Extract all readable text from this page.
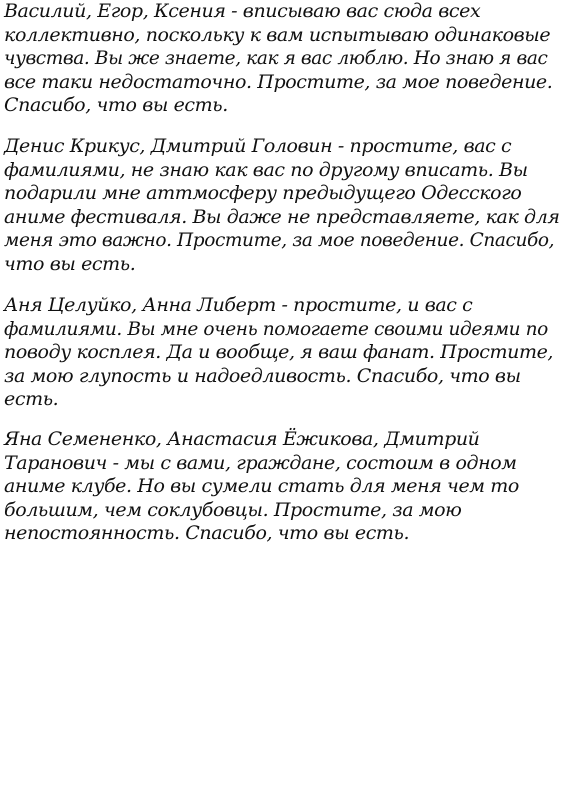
Василий, Егор, Ксения - вписываю вас сюда всех
коллективно, поскольку к вам испытываю одинаковые
чувства. Вы же знаете, как я вас люблю. Но знаю я вас
все таки недостаточно. Простите, за мое поведение.
Спасибо, что вы есть.
Денис Крикус, Дмитрий Головин - простите, вас с
фамилиями, не знаю как вас по другому вписать. Вы
подарили мне аттмосферу предыдущего Одесского
аниме фестиваля. Вы даже не представляете, как для
меня это важно. Простите, за мое поведение. Спасибо,
что вы есть.
Аня Целуйко, Анна Либерт - простите, и вас с
фамилиями. Вы мне очень помогаете своими идеями по
поводу косплея. Да и вообще, я ваш фанат. Простите,
за мою глупость и надоедливость. Спасибо, что вы
есть.
Яна Семененко, Анастасия Ёжикова, Дмитрий
Таранович - мы с вами, граждане, состоим в одном
аниме клубе. Но вы сумели стать для меня чем то
большим, чем соклубовцы. Простите, за мою
непостоянность. Спасибо, что вы есть.
